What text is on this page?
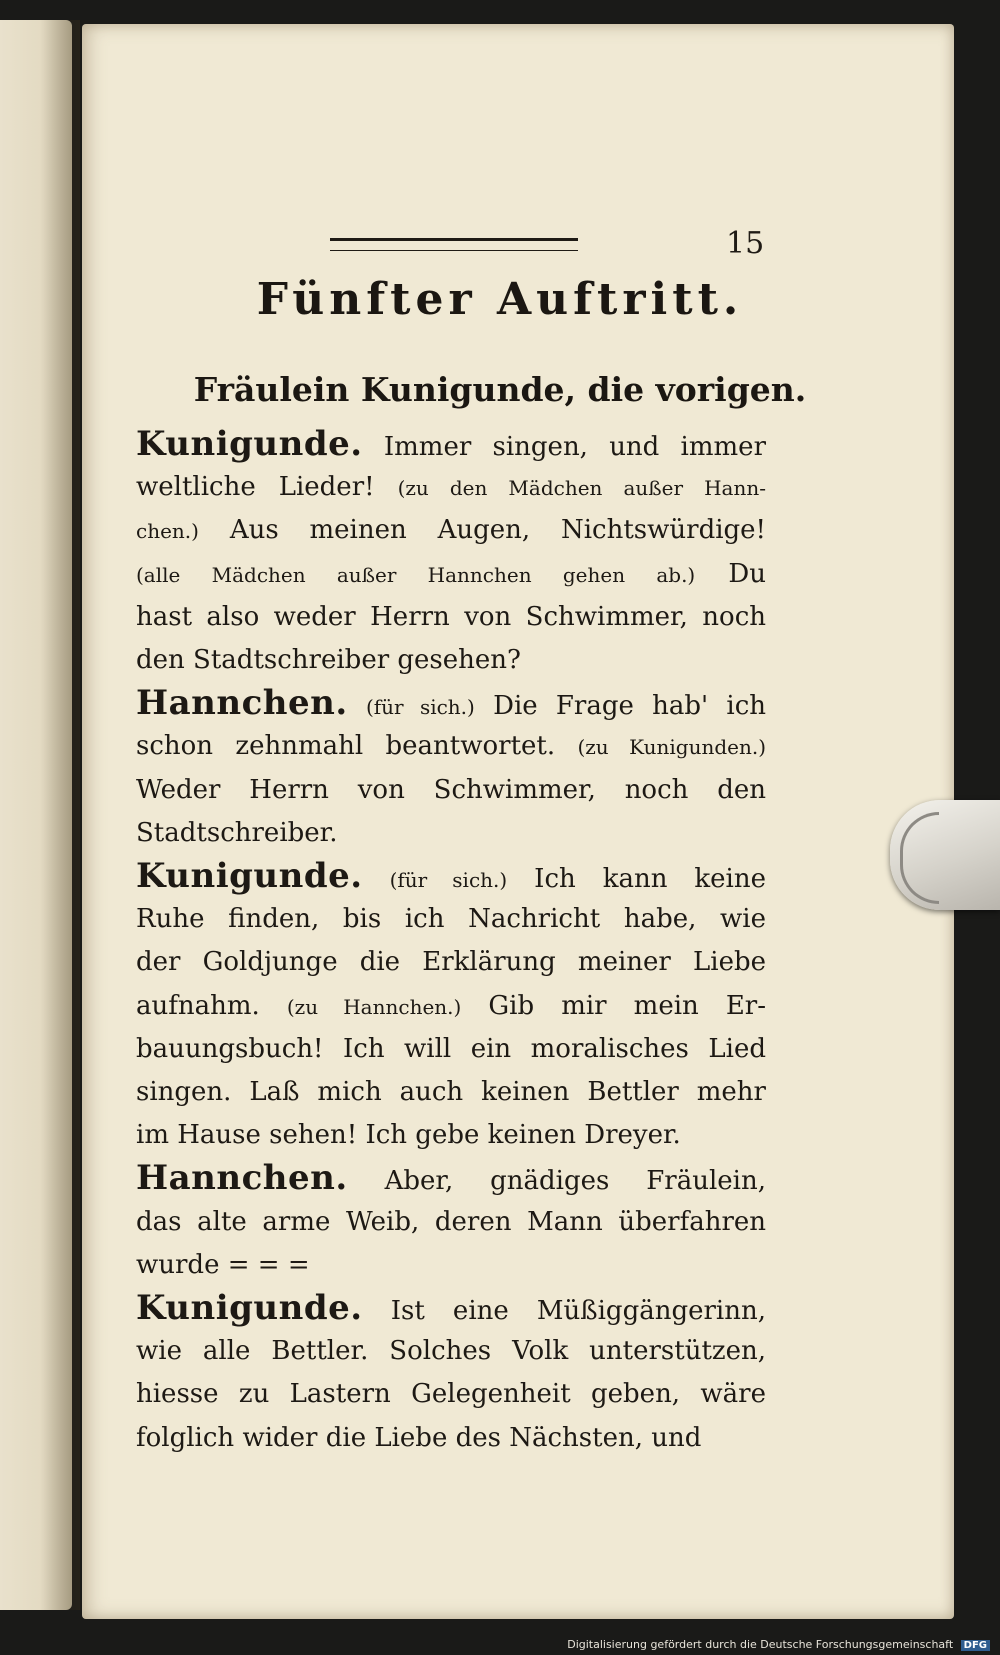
15
Fünfter Auftritt.
Fräulein Kunigunde, die vorigen.
Kunigunde. Immer singen, und immer
weltliche Lieder! (zu den Mädchen außer Hann-
chen.) Aus meinen Augen, Nichtswürdige!
(alle Mädchen außer Hannchen gehen ab.) Du
hast also weder Herrn von Schwimmer, noch
den Stadtschreiber gesehen?
Hannchen. (für sich.) Die Frage hab' ich
schon zehnmahl beantwortet. (zu Kunigunden.)
Weder Herrn von Schwimmer, noch den
Stadtschreiber.
Kunigunde. (für sich.) Ich kann keine
Ruhe finden, bis ich Nachricht habe, wie
der Goldjunge die Erklärung meiner Liebe
aufnahm. (zu Hannchen.) Gib mir mein Er-
bauungsbuch! Ich will ein moralisches Lied
singen. Laß mich auch keinen Bettler mehr
im Hause sehen! Ich gebe keinen Dreyer.
Hannchen. Aber, gnädiges Fräulein,
das alte arme Weib, deren Mann überfahren
wurde = = =
Kunigunde. Ist eine Müßiggängerinn,
wie alle Bettler. Solches Volk unterstützen,
hiesse zu Lastern Gelegenheit geben, wäre
folglich wider die Liebe des Nächsten, und
Digitalisierung gefördert durch die Deutsche Forschungsgemeinschaft DFG
